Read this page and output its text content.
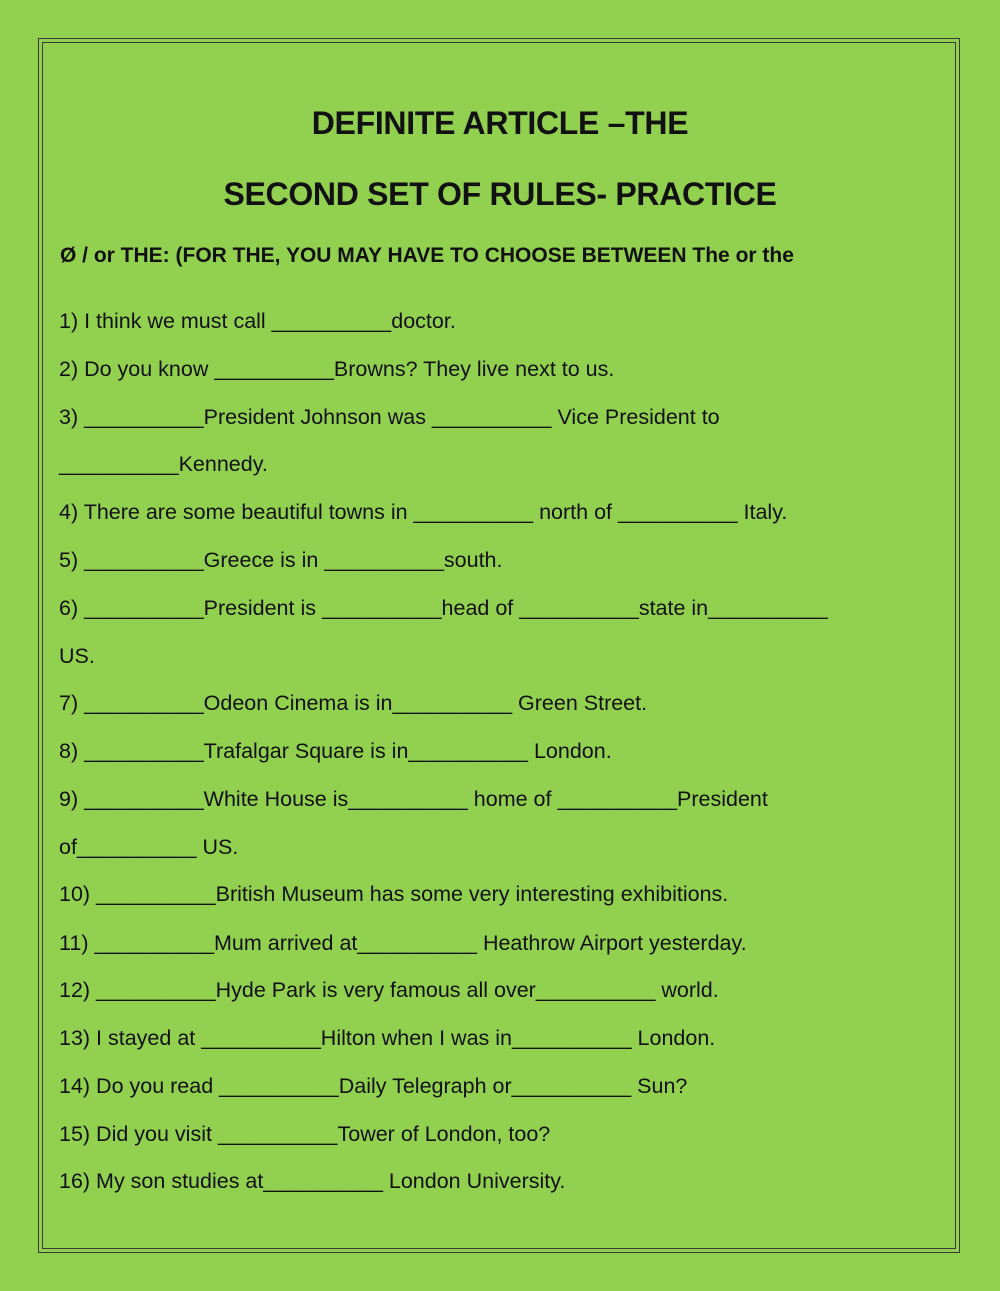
DEFINITE ARTICLE –THE
SECOND SET OF RULES- PRACTICE

Ø / or THE: (FOR THE, YOU MAY HAVE TO CHOOSE BETWEEN The or the

1) I think we must call __________doctor.

2) Do you know __________Browns? They live next to us.

3) __________President Johnson was __________ Vice President to

__________Kennedy.

4) There are some beautiful towns in __________ north of __________ Italy.

5) __________Greece is in __________south.

6) __________President is __________head of __________state in__________

US.

7) __________Odeon Cinema is in__________ Green Street.

8) __________Trafalgar Square is in__________ London.

9) __________White House is__________ home of __________President

of__________ US.

10) __________British Museum has some very interesting exhibitions.

11) __________Mum arrived at__________ Heathrow Airport yesterday.

12) __________Hyde Park is very famous all over__________ world.

13) I stayed at __________Hilton when I was in__________ London.

14) Do you read __________Daily Telegraph or__________ Sun?

15) Did you visit __________Tower of London, too?

16) My son studies at__________ London University.
